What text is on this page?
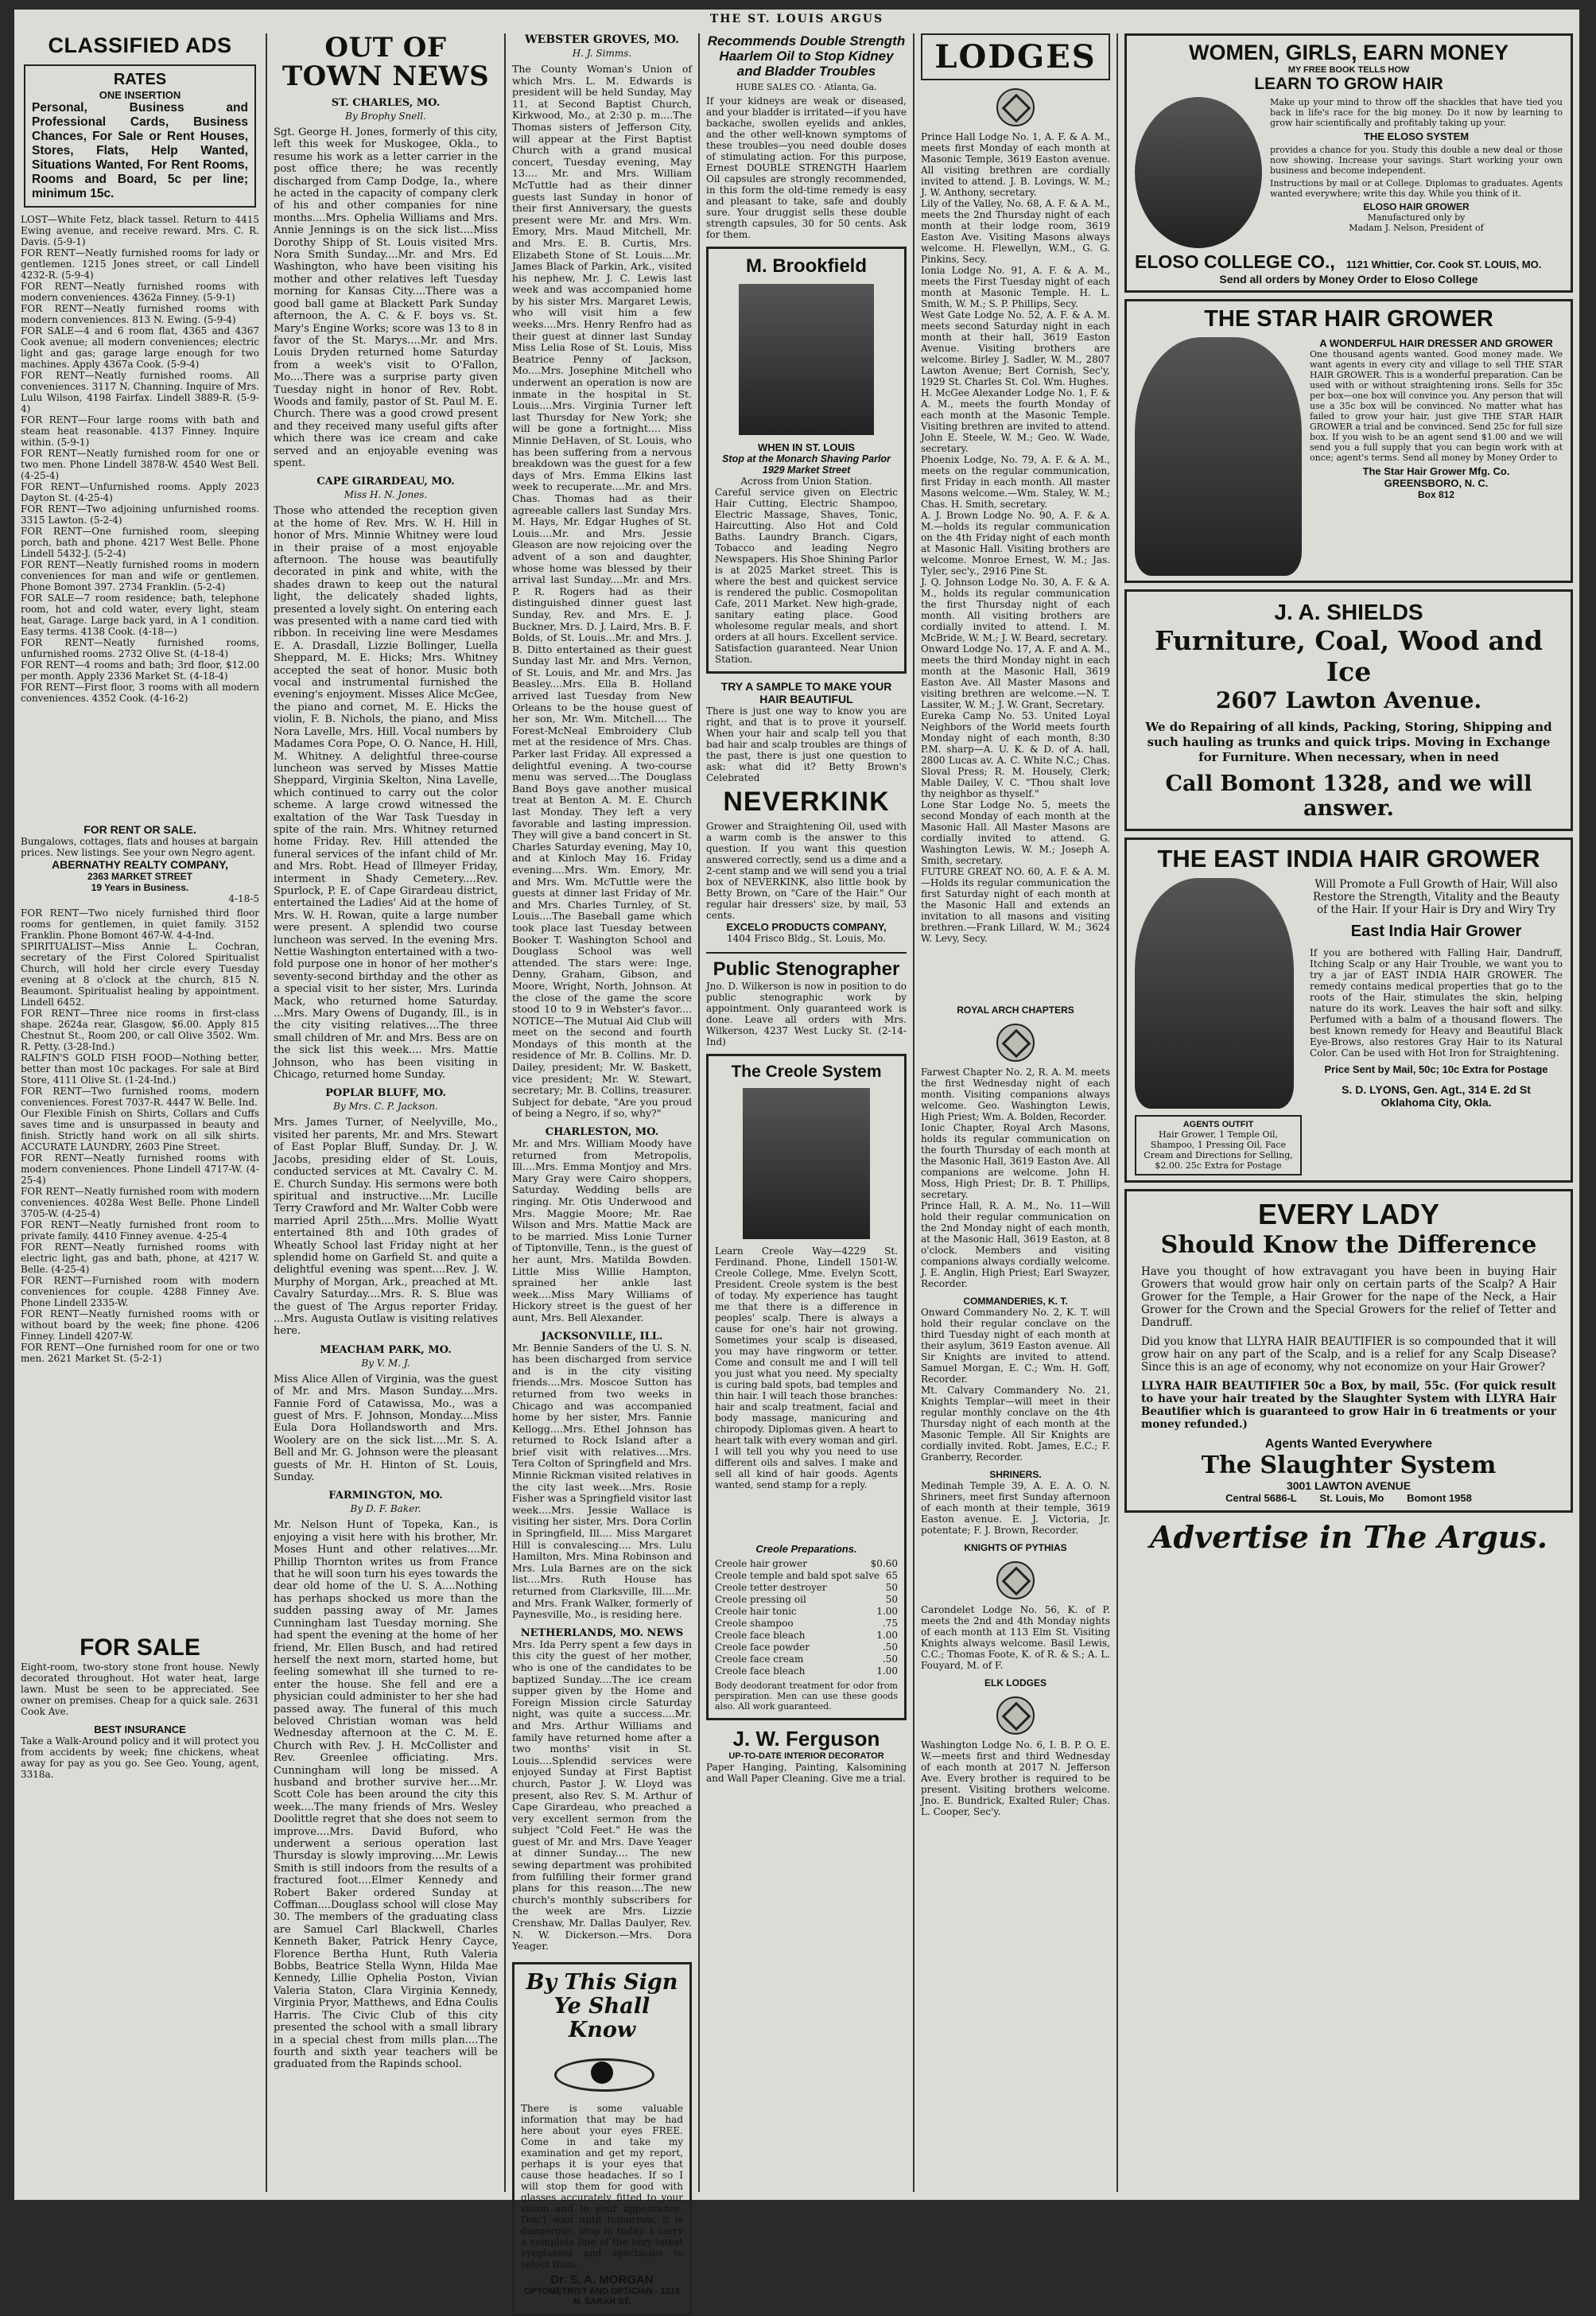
THE ST. LOUIS ARGUS
CLASSIFIED ADS
RATES
ONE INSERTION
Personal, Business and Professional Cards, Business Chances, For Sale or Rent Houses, Stores, Flats, Help Wanted, Situations Wanted, For Rent Rooms, Rooms and Board, 5c per line; minimum 15c.
LOST—White Fetz, black tassel. Return to 4415 Ewing avenue, and receive reward. Mrs. C. R. Davis. (5-9-1)
FOR RENT—Neatly furnished rooms for lady or gentlemen. 1215 Jones street, or call Lindell 4232-R. (5-9-4)
FOR RENT—Neatly furnished rooms with modern conveniences. 4362a Finney. (5-9-1)
FOR RENT—Neatly furnished rooms with modern conveniences. 813 N. Ewing. (5-9-4)
FOR SALE—4 and 6 room flat, 4365 and 4367 Cook avenue; all modern conveniences; electric light and gas; garage large enough for two machines. Apply 4367a Cook. (5-9-4)
FOR RENT—Neatly furnished rooms. All conveniences. 3117 N. Channing. Inquire of Mrs. Lulu Wilson, 4198 Fairfax. Lindell 3889-R. (5-9-4)
FOR RENT—Four large rooms with bath and steam heat reasonable. 4137 Finney. Inquire within. (5-9-1)
FOR RENT—Neatly furnished room for one or two men. Phone Lindell 3878-W. 4540 West Bell. (4-25-4)
FOR RENT—Unfurnished rooms. Apply 2023 Dayton St. (4-25-4)
FOR RENT—Two adjoining unfurnished rooms. 3315 Lawton. (5-2-4)
FOR RENT—One furnished room, sleeping porch, bath and phone. 4217 West Belle. Phone Lindell 5432-J. (5-2-4)
FOR RENT—Neatly furnished rooms in modern conveniences for man and wife or gentlemen. Phone Bomont 397. 2734 Franklin. (5-2-4)
FOR SALE—7 room residence; bath, telephone room, hot and cold water, every light, steam heat, Garage. Large back yard, in A 1 condition. Easy terms. 4138 Cook. (4-18—)
FOR RENT—Neatly furnished rooms, unfurnished rooms. 2732 Olive St. (4-18-4)
FOR RENT—4 rooms and bath; 3rd floor, $12.00 per month. Apply 2336 Market St. (4-18-4)
FOR RENT—First floor, 3 rooms with all modern conveniences. 4352 Cook. (4-16-2)
FOR RENT OR SALE.
Bungalows, cottages, flats and houses at bargain prices. New listings. See your own Negro agent.
ABERNATHY REALTY COMPANY,
2363 MARKET STREET
19 Years in Business.
4-18-5
FOR RENT—Two nicely furnished third floor rooms for gentlemen, in quiet family. 3152 Franklin. Phone Bomont 467-W. 4-4-Ind.
SPIRITUALIST—Miss Annie L. Cochran, secretary of the First Colored Spiritualist Church, will hold her circle every Tuesday evening at 8 o'clock at the church, 815 N. Beaumont. Spiritualist healing by appointment. Lindell 6452.
FOR RENT—Three nice rooms in first-class shape. 2624a rear, Glasgow, $6.00. Apply 815 Chestnut St., Room 200, or call Olive 3502. Wm. R. Petty. (3-28-Ind.)
RALFIN'S GOLD FISH FOOD—Nothing better, better than most 10c packages. For sale at Bird Store, 4111 Olive St. (1-24-Ind.)
FOR RENT—Two furnished rooms, modern conveniences. Forest 7037-R. 4447 W. Belle. Ind.
Our Flexible Finish on Shirts, Collars and Cuffs saves time and is unsurpassed in beauty and finish. Strictly hand work on all silk shirts. ACCURATE LAUNDRY, 2603 Pine Street.
FOR RENT—Neatly furnished rooms with modern conveniences. Phone Lindell 4717-W. (4-25-4)
FOR RENT—Neatly furnished room with modern conveniences. 4028a West Belle. Phone Lindell 3705-W. (4-25-4)
FOR RENT—Neatly furnished front room to private family. 4410 Finney avenue. 4-25-4
FOR RENT—Neatly furnished rooms with electric light, gas and bath, phone, at 4217 W. Belle. (4-25-4)
FOR RENT—Furnished room with modern conveniences for couple. 4288 Finney Ave. Phone Lindell 2335-W.
FOR RENT—Neatly furnished rooms with or without board by the week; fine phone. 4206 Finney. Lindell 4207-W.
FOR RENT—One furnished room for one or two men. 2621 Market St. (5-2-1)
FOR SALE
Eight-room, two-story stone front house. Newly decorated throughout. Hot water heat, large lawn. Must be seen to be appreciated. See owner on premises. Cheap for a quick sale. 2631 Cook Ave.
BEST INSURANCE
Take a Walk-Around policy and it will protect you from accidents by week; fine chickens, wheat away for pay as you go. See Geo. Young, agent, 3318a.
OUT OF TOWN NEWS
ST. CHARLES, MO.
By Brophy Snell.
Sgt. George H. Jones, formerly of this city, left this week for Muskogee, Okla., to resume his work as a letter carrier in the post office there; he was recently discharged from Camp Dodge, Ia., where he acted in the capacity of company clerk of his and other companies for nine months....Mrs. Ophelia Williams and Mrs. Annie Jennings is on the sick list....Miss Dorothy Shipp of St. Louis visited Mrs. Nora Smith Sunday....Mr. and Mrs. Ed Washington, who have been visiting his mother and other relatives left Tuesday morning for Kansas City....There was a good ball game at Blackett Park Sunday afternoon, the A. C. & F. boys vs. St. Mary's Engine Works; score was 13 to 8 in favor of the St. Marys....Mr. and Mrs. Louis Dryden returned home Saturday from a week's visit to O'Fallon, Mo....There was a surprise party given Tuesday night in honor of Rev. Robt. Woods and family, pastor of St. Paul M. E. Church. There was a good crowd present and they received many useful gifts after which there was ice cream and cake served and an enjoyable evening was spent.
CAPE GIRARDEAU, MO.
Miss H. N. Jones.
Those who attended the reception given at the home of Rev. Mrs. W. H. Hill in honor of Mrs. Minnie Whitney were loud in their praise of a most enjoyable afternoon. The house was beautifully decorated in pink and white, with the shades drawn to keep out the natural light, the delicately shaded lights, presented a lovely sight. On entering each was presented with a name card tied with ribbon. In receiving line were Mesdames E. A. Drasdall, Lizzie Bollinger, Luella Sheppard, M. E. Hicks; Mrs. Whitney accepted the seat of honor. Music both vocal and instrumental furnished the evening's enjoyment. Misses Alice McGee, the piano and cornet, M. E. Hicks the violin, F. B. Nichols, the piano, and Miss Nora Lavelle, Mrs. Hill. Vocal numbers by Madames Cora Pope, O. O. Nance, H. Hill, M. Whitney. A delightful three-course luncheon was served by Misses Mattie Sheppard, Virginia Skelton, Nina Lavelle, which continued to carry out the color scheme. A large crowd witnessed the exaltation of the War Task Tuesday in spite of the rain. Mrs. Whitney returned home Friday. Rev. Hill attended the funeral services of the infant child of Mr. and Mrs. Robt. Head of Illmeyer Friday, interment in Shady Cemetery....Rev. Spurlock, P. E. of Cape Girardeau district, entertained the Ladies' Aid at the home of Mrs. W. H. Rowan, quite a large number were present. A splendid two course luncheon was served. In the evening Mrs. Nettie Washington entertained with a two-fold purpose one in honor of her mother's seventy-second birthday and the other as a special visit to her sister, Mrs. Lurinda Mack, who returned home Saturday. ...Mrs. Mary Owens of Dugandy, Ill., is in the city visiting relatives....The three small children of Mr. and Mrs. Bess are on the sick list this week.... Mrs. Mattie Johnson, who has been visiting in Chicago, returned home Sunday.
POPLAR BLUFF, MO.
By Mrs. C. P. Jackson.
Mrs. James Turner, of Neelyville, Mo., visited her parents, Mr. and Mrs. Stewart of East Poplar Bluff, Sunday. Dr. J. W. Jacobs, presiding elder of St. Louis, conducted services at Mt. Cavalry C. M. E. Church Sunday. His sermons were both spiritual and instructive....Mr. Lucille Terry Crawford and Mr. Walter Cobb were married April 25th....Mrs. Mollie Wyatt entertained 8th and 10th grades of Wheatly School last Friday night at her splendid home on Garfield St. and quite a delightful evening was spent....Rev. J. W. Murphy of Morgan, Ark., preached at Mt. Cavalry Saturday....Mrs. R. S. Blue was the guest of The Argus reporter Friday. ...Mrs. Augusta Outlaw is visiting relatives here.
MEACHAM PARK, MO.
By V. M. J.
Miss Alice Allen of Virginia, was the guest of Mr. and Mrs. Mason Sunday....Mrs. Fannie Ford of Catawissa, Mo., was a guest of Mrs. F. Johnson, Monday....Miss Eula Dora Hollandsworth and Mrs. Woolery are on the sick list....Mr. S. A. Bell and Mr. G. Johnson were the pleasant guests of Mr. H. Hinton of St. Louis, Sunday.
FARMINGTON, MO.
By D. F. Baker.
Mr. Nelson Hunt of Topeka, Kan., is enjoying a visit here with his brother, Mr. Moses Hunt and other relatives....Mr. Phillip Thornton writes us from France that he will soon turn his eyes towards the dear old home of the U. S. A....Nothing has perhaps shocked us more than the sudden passing away of Mr. James Cunningham last Tuesday morning. She had spent the evening at the home of her friend, Mr. Ellen Busch, and had retired herself the next morn, started home, but feeling somewhat ill she turned to re-enter the house. She fell and ere a physician could administer to her she had passed away. The funeral of this much beloved Christian woman was held Wednesday afternoon at the C. M. E. Church with Rev. J. H. McCollister and Rev. Greenlee officiating. Mrs. Cunningham will long be missed. A husband and brother survive her....Mr. Scott Cole has been around the city this week....The many friends of Mrs. Wesley Doolittle regret that she does not seem to improve....Mrs. David Buford, who underwent a serious operation last Thursday is slowly improving....Mr. Lewis Smith is still indoors from the results of a fractured foot....Elmer Kennedy and Robert Baker ordered Sunday at Coffman....Douglass school will close May 30. The members of the graduating class are Samuel Carl Blackwell, Charles Kenneth Baker, Patrick Henry Cayce, Florence Bertha Hunt, Ruth Valeria Bobbs, Beatrice Stella Wynn, Hilda Mae Kennedy, Lillie Ophelia Poston, Vivian Valeria Staton, Clara Virginia Kennedy, Virginia Pryor, Matthews, and Edna Coulis Harris. The Civic Club of this city presented the school with a small library in a special chest from mills plan....The fourth and sixth year teachers will be graduated from the Rapinds school.
WEBSTER GROVES, MO.
H. J. Simms.
The County Woman's Union of which Mrs. L. M. Edwards is president will be held Sunday, May 11, at Second Baptist Church, Kirkwood, Mo., at 2:30 p. m....The Thomas sisters of Jefferson City, will appear at the First Baptist Church with a grand musical concert, Tuesday evening, May 13.... Mr. and Mrs. William McTuttle had as their dinner guests last Sunday in honor of their first Anniversary, the guests present were Mr. and Mrs. Wm. Emory, Mrs. Maud Mitchell, Mr. and Mrs. E. B. Curtis, Mrs. Elizabeth Stone of St. Louis....Mr. James Black of Parkin, Ark., visited his nephew, Mr. J. C. Lewis last week and was accompanied home by his sister Mrs. Margaret Lewis, who will visit him a few weeks....Mrs. Henry Renfro had as their guest at dinner last Sunday Miss Lelia Rose of St. Louis, Miss Beatrice Penny of Jackson, Mo....Mrs. Josephine Mitchell who underwent an operation is now are inmate in the hospital in St. Louis....Mrs. Virginia Turner left last Thursday for New York; she will be gone a fortnight.... Miss Minnie DeHaven, of St. Louis, who has been suffering from a nervous breakdown was the guest for a few days of Mrs. Emma Elkins last week to recuperate....Mr. and Mrs. Chas. Thomas had as their agreeable callers last Sunday Mrs. M. Hays, Mr. Edgar Hughes of St. Louis....Mr. and Mrs. Jessie Gleason are now rejoicing over the advent of a son and daughter, whose home was blessed by their arrival last Sunday....Mr. and Mrs. P. R. Rogers had as their distinguished dinner guest last Sunday, Rev. and Mrs. E. J. Buckner, Mrs. D. J. Laird, Mrs. B. F. Bolds, of St. Louis...Mr. and Mrs. J. B. Ditto entertained as their guest Sunday last Mr. and Mrs. Vernon, of St. Louis, and Mr. and Mrs. Jas Beasley....Mrs. Ella B. Holland arrived last Tuesday from New Orleans to be the house guest of her son, Mr. Wm. Mitchell.... The Forest-McNeal Embroidery Club met at the residence of Mrs. Chas. Parker last Friday. All expressed a delightful evening. A two-course menu was served....The Douglass Band Boys gave another musical treat at Benton A. M. E. Church last Monday. They left a very favorable and lasting impression. They will give a band concert in St. Charles Saturday evening, May 10, and at Kinloch May 16. Friday evening....Mrs. Wm. Emory, Mr. and Mrs. Wm. McTuttle were the guests at dinner last Friday of Mr. and Mrs. Charles Turnley, of St. Louis....The Baseball game which took place last Tuesday between Booker T. Washington School and Douglass School was well attended. The stars were: Inge, Denny, Graham, Gibson, and Moore, Wright, North, Johnson. At the close of the game the score stood 10 to 9 in Webster's favor.... NOTICE—The Mutual Aid Club will meet on the second and fourth Mondays of this month at the residence of Mr. B. Collins. Mr. D. Dailey, president; Mr. W. Baskett, vice president; Mr. W. Stewart, secretary; Mr. B. Collins, treasurer. Subject for debate, "Are you proud of being a Negro, if so, why?"
CHARLESTON, MO.
Mr. and Mrs. William Moody have returned from Metropolis, Ill....Mrs. Emma Montjoy and Mrs. Mary Gray were Cairo shoppers, Saturday. Wedding bells are ringing. Mr. Otis Underwood and Mrs. Maggie Moore; Mr. Rae Wilson and Mrs. Mattie Mack are to be married. Miss Lonie Turner of Tiptonville, Tenn., is the guest of her aunt, Mrs. Matilda Bowden. Little Miss Willie Hampton, sprained her ankle last week....Miss Mary Williams of Hickory street is the guest of her aunt, Mrs. Bell Alexander.
JACKSONVILLE, ILL.
Mr. Bennie Sanders of the U. S. N. has been discharged from service and is in the city visiting friends....Mrs. Moscoe Sutton has returned from two weeks in Chicago and was accompanied home by her sister, Mrs. Fannie Kellogg....Mrs. Ethel Johnson has returned to Rock Island after a brief visit with relatives....Mrs. Tera Colton of Springfield and Mrs. Minnie Rickman visited relatives in the city last week....Mrs. Rosie Fisher was a Springfield visitor last week....Mrs. Jessie Wallace is visiting her sister, Mrs. Dora Corlin in Springfield, Ill.... Miss Margaret Hill is convalescing.... Mrs. Lulu Hamilton, Mrs. Mina Robinson and Mrs. Lula Barnes are on the sick list....Mrs. Ruth House has returned from Clarksville, Ill....Mr. and Mrs. Frank Walker, formerly of Paynesville, Mo., is residing here.
NETHERLANDS, MO. NEWS
Mrs. Ida Perry spent a few days in this city the guest of her mother, who is one of the candidates to be baptized Sunday....The ice cream supper given by the Home and Foreign Mission circle Saturday night, was quite a success....Mr. and Mrs. Arthur Williams and family have returned home after a two months' visit in St. Louis....Splendid services were enjoyed Sunday at First Baptist church, Pastor J. W. Lloyd was present, also Rev. S. M. Arthur of Cape Girardeau, who preached a very excellent sermon from the subject "Cold Feet." He was the guest of Mr. and Mrs. Dave Yeager at dinner Sunday.... The new sewing department was prohibited from fulfilling their former grand plans for this reason....The new church's monthly subscribers for the week are Mrs. Lizzie Crenshaw, Mr. Dallas Daulyer, Rev. N. W. Dickerson.—Mrs. Dora Yeager.
By This Sign Ye Shall Know
There is some valuable information that may be had here about your eyes FREE. Come in and take my examination and get my report, perhaps it is your eyes that cause those headaches. If so I will stop them for good with glasses accurately fitted to your vision and to your appearance. Don't wait until tomorrow, it is dangerous; stop in today. I carry a complete line of the very latest eyeglasses and spectacles to select from.
Dr. S. A. MORGAN
OPTOMETRIST AND OPTICIAN · 1313 N. SARAH ST.
Recommends Double Strength Haarlem Oil to Stop Kidney and Bladder Troubles
HUBE SALES CO. · Atlanta, Ga.
If your kidneys are weak or diseased, and your bladder is irritated—if you have backache, swollen eyelids and ankles, and the other well-known symptoms of these troubles—you need double doses of stimulating action. For this purpose, Ernest DOUBLE STRENGTH Haarlem Oil capsules are strongly recommended, in this form the old-time remedy is easy and pleasant to take, safe and doubly sure. Your druggist sells these double strength capsules, 30 for 50 cents. Ask for them.
M. Brookfield
WHEN IN ST. LOUIS
Stop at the Monarch Shaving Parlor 1929 Market Street
Across from Union Station.
Careful service given on Electric Hair Cutting, Electric Shampoo, Electric Massage, Shaves, Tonic, Haircutting. Also Hot and Cold Baths. Laundry Branch. Cigars, Tobacco and leading Negro Newspapers. His Shoe Shining Parlor is at 2025 Market street. This is where the best and quickest service is rendered the public. Cosmopolitan Cafe, 2011 Market. New high-grade, sanitary eating place. Good wholesome regular meals, and short orders at all hours. Excellent service. Satisfaction guaranteed. Near Union Station.
TRY A SAMPLE TO MAKE YOUR HAIR BEAUTIFUL
There is just one way to know you are right, and that is to prove it yourself. When your hair and scalp tell you that bad hair and scalp troubles are things of the past, there is just one question to ask: what did it? Betty Brown's Celebrated
NEVERKINK
Grower and Straightening Oil, used with a warm comb is the answer to this question. If you want this question answered correctly, send us a dime and a 2-cent stamp and we will send you a trial box of NEVERKINK, also little book by Betty Brown, on "Care of the Hair." Our regular hair dressers' size, by mail, 53 cents.
EXCELO PRODUCTS COMPANY,
1404 Frisco Bldg., St. Louis, Mo.
Public Stenographer
Jno. D. Wilkerson is now in position to do public stenographic work by appointment. Only guaranteed work is done. Leave all orders with Mrs. Wilkerson, 4237 West Lucky St. (2-14-Ind)
The Creole System
Learn Creole Way—4229 St. Ferdinand. Phone, Lindell 1501-W. Creole College, Mme. Evelyn Scott, President. Creole system is the best of today. My experience has taught me that there is a difference in peoples' scalp. There is always a cause for one's hair not growing. Sometimes your scalp is diseased, you may have ringworm or tetter. Come and consult me and I will tell you just what you need. My specialty is curing bald spots, bad temples and thin hair. I will teach those branches: hair and scalp treatment, facial and body massage, manicuring and chiropody. Diplomas given. A heart to heart talk with every woman and girl. I will tell you why you need to use different oils and salves. I make and sell all kind of hair goods. Agents wanted, send stamp for a reply.
Creole Preparations.
Creole hair grower	$0.60
Creole temple and bald spot salve 65
Creole tetter destroyer	50
Creole pressing oil	50
Creole hair tonic	1.00
Creole shampoo	.75
Creole face bleach	1.00
Creole face powder	.50
Creole face cream	.50
Creole face bleach	1.00
Body deodorant treatment for odor from perspiration. Men can use these goods also. All work guaranteed.
J. W. Ferguson
UP-TO-DATE INTERIOR DECORATOR
Paper Hanging, Painting, Kalsomining and Wall Paper Cleaning. Give me a trial.
LODGES
Prince Hall Lodge No. 1, A. F. & A. M., meets first Monday of each month at Masonic Temple, 3619 Easton avenue. All visiting brethren are cordially invited to attend. J. B. Lovings, W. M.; J. W. Anthony, secretary.
Lily of the Valley, No. 68, A. F. & A. M., meets the 2nd Thursday night of each month at their lodge room, 3619 Easton Ave. Visiting Masons always welcome. H. Flewellyn, W.M., G. G. Pinkins, Secy.
Ionia Lodge No. 91, A. F. & A. M., meets the First Tuesday night of each month at Masonic Temple. H. L. Smith, W. M.; S. P. Phillips, Secy.
West Gate Lodge No. 52, A. F. & A. M. meets second Saturday night in each month at their hall, 3619 Easton Avenue. Visiting brothers are welcome. Birley J. Sadler, W. M., 2807 Lawton Avenue; Bert Cornish, Sec'y, 1929 St. Charles St. Col. Wm. Hughes.
H. McGee Alexander Lodge No. 1, F. & A. M., meets the fourth Monday of each month at the Masonic Temple. Visiting brethren are invited to attend. John E. Steele, W. M.; Geo. W. Wade, secretary.
Phoenix Lodge, No. 79, A. F. & A. M., meets on the regular communication, first Friday in each month. All master Masons welcome.—Wm. Staley, W. M.; Chas. H. Smith, secretary.
A. J. Brown Lodge No. 90, A. F. & A. M.—holds its regular communication on the 4th Friday night of each month at Masonic Hall. Visiting brothers are welcome. Monroe Ernest, W. M.; Jas. Tyler, sec'y., 2916 Pine St.
J. Q. Johnson Lodge No. 30, A. F. & A. M., holds its regular communication the first Thursday night of each month. All visiting brothers are cordially invited to attend. I. M. McBride, W. M.; J. W. Beard, secretary.
Onward Lodge No. 17, A. F. and A. M., meets the third Monday night in each month at the Masonic Hall, 3619 Easton Ave. All Master Masons and visiting brethren are welcome.—N. T. Lassiter, W. M.; J. W. Grant, Secretary.
Eureka Camp No. 53. United Loyal Neighbors of the World meets fourth Monday night of each month, 8:30 P.M. sharp—A. U. K. & D. of A. hall, 2800 Lucas av. A. C. White N.C.; Chas. Sloval Press; R. M. Housely, Clerk; Mable Dailey, V. C. "Thou shalt love thy neighbor as thyself."
Lone Star Lodge No. 5, meets the second Monday of each month at the Masonic Hall. All Master Masons are cordially invited to attend. G. Washington Lewis, W. M.; Joseph A. Smith, secretary.
FUTURE GREAT NO. 60, A. F. & A. M.—Holds its regular communication the first Saturday night of each month at the Masonic Hall and extends an invitation to all masons and visiting brethren.—Frank Lillard, W. M.; 3624 W. Levy, Secy.
ROYAL ARCH CHAPTERS
Farwest Chapter No. 2, R. A. M. meets the first Wednesday night of each month. Visiting companions always welcome. Geo. Washington Lewis, High Priest; Wm. A. Bolden, Recorder.
Ionic Chapter, Royal Arch Masons, holds its regular communication on the fourth Thursday of each month at the Masonic Hall, 3619 Easton Ave. All companions are welcome. John H. Moss, High Priest; Dr. B. T. Phillips, secretary.
Prince Hall, R. A. M., No. 11—Will hold their regular communication on the 2nd Monday night of each month, at the Masonic Hall, 3619 Easton, at 8 o'clock. Members and visiting companions always cordially welcome. J. E. Anglin, High Priest; Earl Swayzer, Recorder.
COMMANDERIES, K. T.
Onward Commandery No. 2, K. T. will hold their regular conclave on the third Tuesday night of each month at their asylum, 3619 Easton avenue. All Sir Knights are invited to attend. Samuel Morgan, E. C.; Wm. H. Goff, Recorder.
Mt. Calvary Commandery No. 21, Knights Templar—will meet in their regular monthly conclave on the 4th Thursday night of each month at the Masonic Temple. All Sir Knights are cordially invited. Robt. James, E.C.; F. Granberry, Recorder.
SHRINERS.
Medinah Temple 39, A. E. A. O. N. Shriners, meet first Sunday afternoon of each month at their temple, 3619 Easton avenue. E. J. Victoria, Jr. potentate; F. J. Brown, Recorder.
KNIGHTS OF PYTHIAS
Carondelet Lodge No. 56, K. of P. meets the 2nd and 4th Monday nights of each month at 113 Elm St. Visiting Knights always welcome. Basil Lewis, C.C.; Thomas Foote, K. of R. & S.; A. L. Fouyard, M. of F.
ELK LODGES
Washington Lodge No. 6, I. B. P. O. E. W.—meets first and third Wednesday of each month at 2017 N. Jefferson Ave. Every brother is required to be present. Visiting brothers welcome. Jno. E. Bundrick, Exalted Ruler; Chas. L. Cooper, Sec'y.
WOMEN, GIRLS, EARN MONEY
MY FREE BOOK TELLS HOW
LEARN TO GROW HAIR
Make up your mind to throw off the shackles that have tied you back in life's race for the big money. Do it now by learning to grow hair scientifically and profitably taking up your.
THE ELOSO SYSTEM
provides a chance for you. Study this double a new deal or those now showing. Increase your savings. Start working your own business and become independent.
Instructions by mail or at College. Diplomas to graduates. Agents wanted everywhere; write this day. While you think of it.
ELOSO HAIR GROWER
Manufactured only by
Madam J. Nelson, President of
ELOSO COLLEGE CO., 1121 Whittier, Cor. Cook ST. LOUIS, MO.
Send all orders by Money Order to Eloso College
THE STAR HAIR GROWER
A WONDERFUL HAIR DRESSER AND GROWER
One thousand agents wanted. Good money made. We want agents in every city and village to sell THE STAR HAIR GROWER. This is a wonderful preparation. Can be used with or without straightening irons. Sells for 35c per box—one box will convince you. Any person that will use a 35c box will be convinced. No matter what has failed to grow your hair, just give THE STAR HAIR GROWER a trial and be convinced. Send 25c for full size box. If you wish to be an agent send $1.00 and we will send you a full supply that you can begin work with at once; agent's terms. Send all money by Money Order to
The Star Hair Grower Mfg. Co.
GREENSBORO, N. C.
Box 812
J. A. SHIELDS
Furniture, Coal, Wood and Ice
2607 Lawton Avenue.
We do Repairing of all kinds, Packing, Storing, Shipping and such hauling as trunks and quick trips. Moving in Exchange for Furniture. When necessary, when in need
Call Bomont 1328, and we will answer.
THE EAST INDIA HAIR GROWER
AGENTS OUTFIT
Hair Grower, 1 Temple Oil, Shampoo, 1 Pressing Oil, Face Cream and Directions for Selling, $2.00. 25c Extra for Postage
Will Promote a Full Growth of Hair, Will also Restore the Strength, Vitality and the Beauty of the Hair. If your Hair is Dry and Wiry Try
East India Hair Grower
If you are bothered with Falling Hair, Dandruff, Itching Scalp or any Hair Trouble, we want you to try a jar of EAST INDIA HAIR GROWER. The remedy contains medical properties that go to the roots of the Hair, stimulates the skin, helping nature do its work. Leaves the hair soft and silky. Perfumed with a balm of a thousand flowers. The best known remedy for Heavy and Beautiful Black Eye-Brows, also restores Gray Hair to its Natural Color. Can be used with Hot Iron for Straightening.
Price Sent by Mail, 50c; 10c Extra for Postage
S. D. LYONS, Gen. Agt., 314 E. 2d St
Oklahoma City, Okla.
EVERY LADY
Should Know the Difference
Have you thought of how extravagant you have been in buying Hair Growers that would grow hair only on certain parts of the Scalp? A Hair Grower for the Temple, a Hair Grower for the nape of the Neck, a Hair Grower for the Crown and the Special Growers for the relief of Tetter and Dandruff.
Did you know that LLYRA HAIR BEAUTIFIER is so compounded that it will grow hair on any part of the Scalp, and is a relief for any Scalp Disease? Since this is an age of economy, why not economize on your Hair Grower?
LLYRA HAIR BEAUTIFIER 50c a Box, by mail, 55c. (For quick result to have your hair treated by the Slaughter System with LLYRA Hair Beautifier which is guaranteed to grow Hair in 6 treatments or your money refunded.)
Agents Wanted Everywhere
The Slaughter System
3001 LAWTON AVENUE
Central 5686-L        St. Louis, Mo        Bomont 1958
Advertise in The Argus.
